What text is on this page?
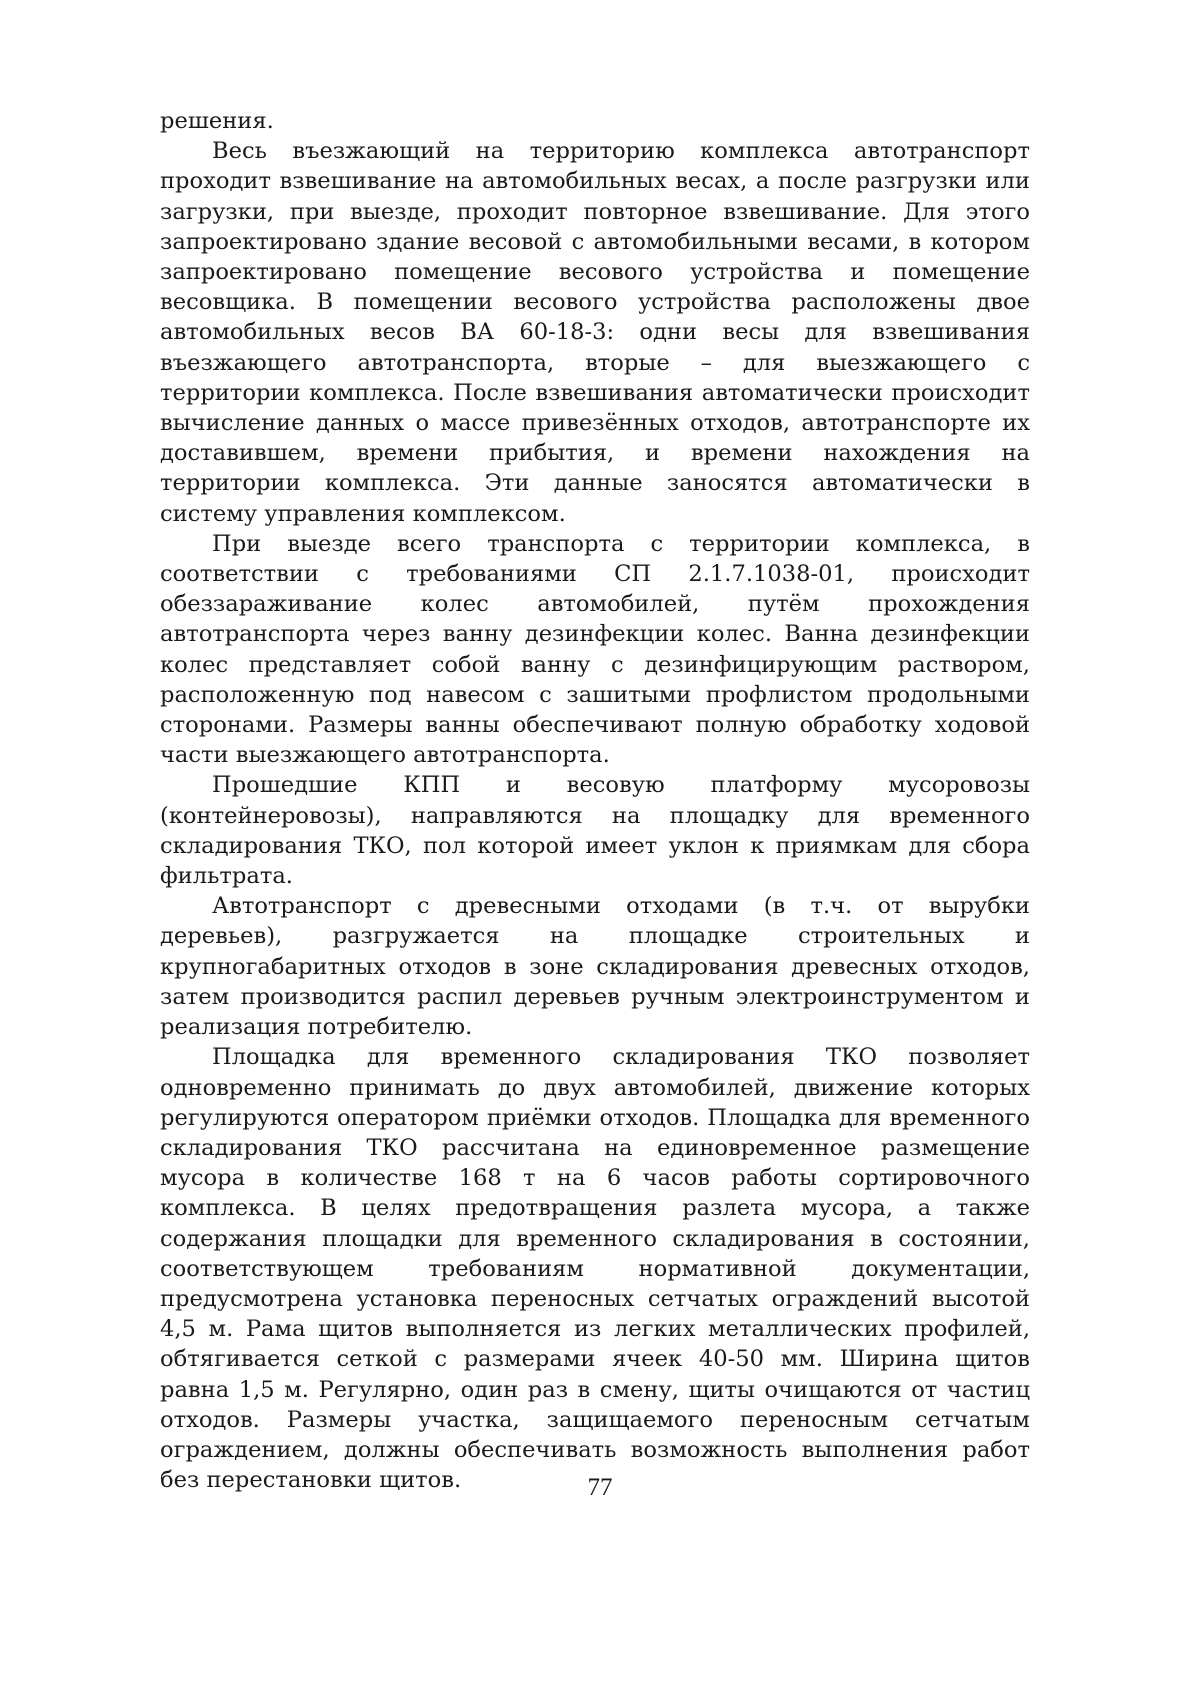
решения.

Весь въезжающий на территорию комплекса автотранспорт проходит взвешивание на автомобильных весах, а после разгрузки или загрузки, при выезде, проходит повторное взвешивание. Для этого запроектировано здание весовой с автомобильными весами, в котором запроектировано помещение весового устройства и помещение весовщика. В помещении весового устройства расположены двое автомобильных весов ВА 60-18-3: одни весы для взвешивания въезжающего автотранспорта, вторые – для выезжающего с территории комплекса. После взвешивания автоматически происходит вычисление данных о массе привезённых отходов, автотранспорте их доставившем, времени прибытия, и времени нахождения на территории комплекса. Эти данные заносятся автоматически в систему управления комплексом.

При выезде всего транспорта с территории комплекса, в соответствии с требованиями СП 2.1.7.1038-01, происходит обеззараживание колес автомобилей, путём прохождения автотранспорта через ванну дезинфекции колес. Ванна дезинфекции колес представляет собой ванну с дезинфицирующим раствором, расположенную под навесом с зашитыми профлистом продольными сторонами. Размеры ванны обеспечивают полную обработку ходовой части выезжающего автотранспорта.

Прошедшие КПП и весовую платформу мусоровозы (контейнеровозы), направляются на площадку для временного складирования ТКО, пол которой имеет уклон к приямкам для сбора фильтрата.

Автотранспорт с древесными отходами (в т.ч. от вырубки деревьев), разгружается на площадке строительных и крупногабаритных отходов в зоне складирования древесных отходов, затем производится распил деревьев ручным электроинструментом и реализация потребителю.

Площадка для временного складирования ТКО позволяет одновременно принимать до двух автомобилей, движение которых регулируются оператором приёмки отходов. Площадка для временного складирования ТКО рассчитана на единовременное размещение мусора в количестве 168 т на 6 часов работы сортировочного комплекса. В целях предотвращения разлета мусора, а также содержания площадки для временного складирования в состоянии, соответствующем требованиям нормативной документации, предусмотрена установка переносных сетчатых ограждений высотой 4,5 м. Рама щитов выполняется из легких металлических профилей, обтягивается сеткой с размерами ячеек 40-50 мм. Ширина щитов равна 1,5 м. Регулярно, один раз в смену, щиты очищаются от частиц отходов. Размеры участка, защищаемого переносным сетчатым ограждением, должны обеспечивать возможность выполнения работ без перестановки щитов.	77
